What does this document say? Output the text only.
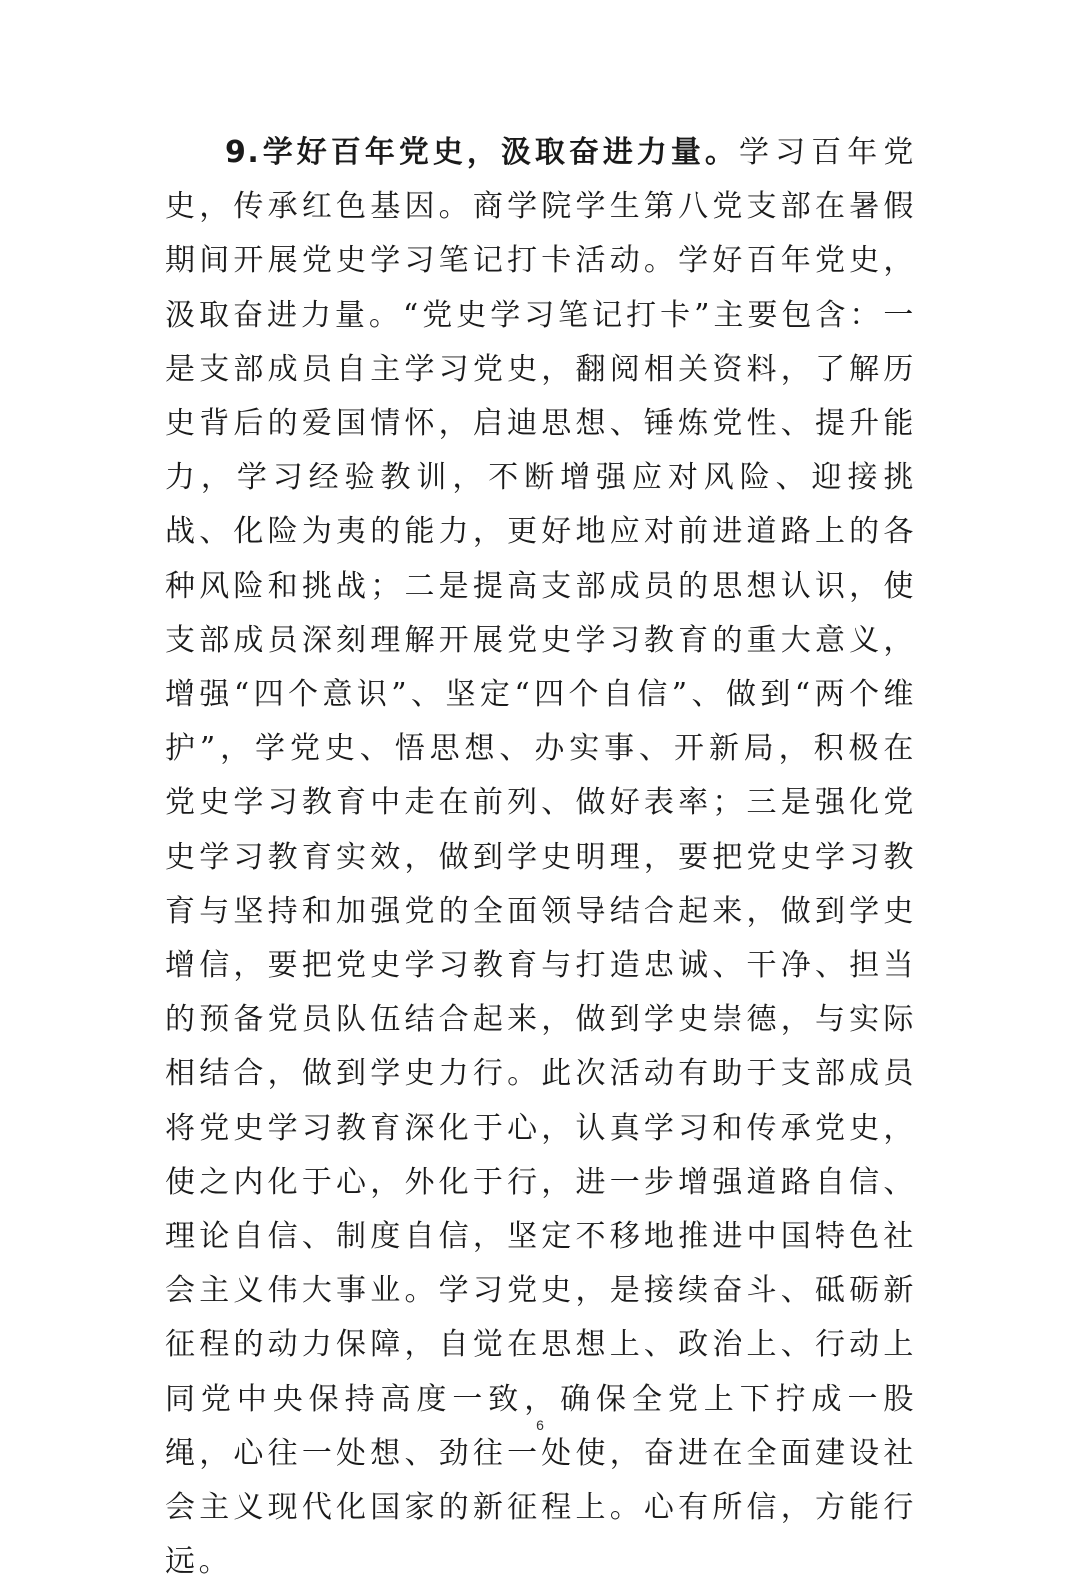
9.学好百年党史，汲取奋进力量。学习百年党史，传承红色基因。商学院学生第八党支部在暑假期间开展党史学习笔记打卡活动。学好百年党史，汲取奋进力量。“党史学习笔记打卡”主要包含：一是支部成员自主学习党史，翻阅相关资料，了解历史背后的爱国情怀，启迪思想、锤炼党性、提升能力，学习经验教训，不断增强应对风险、迎接挑战、化险为夷的能力，更好地应对前进道路上的各种风险和挑战；二是提高支部成员的思想认识，使支部成员深刻理解开展党史学习教育的重大意义，增强“四个意识”、坚定“四个自信”、做到“两个维护”，学党史、悟思想、办实事、开新局，积极在党史学习教育中走在前列、做好表率；三是强化党史学习教育实效，做到学史明理，要把党史学习教育与坚持和加强党的全面领导结合起来，做到学史增信，要把党史学习教育与打造忠诚、干净、担当的预备党员队伍结合起来，做到学史崇德，与实际相结合，做到学史力行。此次活动有助于支部成员将党史学习教育深化于心，认真学习和传承党史，使之内化于心，外化于行，进一步增强道路自信、理论自信、制度自信，坚定不移地推进中国特色社会主义伟大事业。学习党史，是接续奋斗、砥砺新征程的动力保障，自觉在思想上、政治上、行动上同党中央保持高度一致，确保全党上下拧成一股绳，心往一处想、劲往一处使，奋进在全面建设社会主义现代化国家的新征程上。心有所信，方能行远。

6
